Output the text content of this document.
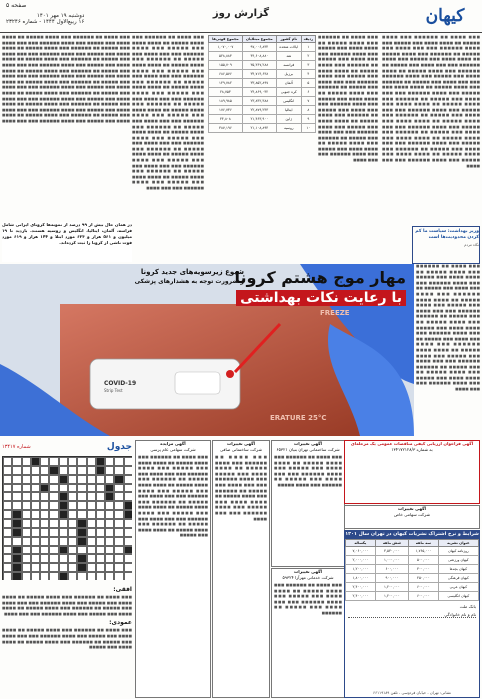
کیهان
گزارش روز
صفحه ۵
دوشنبه ۱۹ مهر ۱۴۰۱
۱۶ ربیع‌الاول ۱۴۴۴ - شماره ۲۳۲۴۶
■■■ ■■■■ ■■ ■■■■■■ ■■■ ■■■■ ■■■■■ ■■ ■■■■ ■■■■ ■■■ ■■■■■ ■■■ ■■■■ ■■■■■■ ■■■ ■■■ ■■■■ ■■■ ■■■■■ ■■ ■■■■■■ ■■■ ■■■■ ■■■■■ ■■ ■■■■ ■■■■ ■■■ ■■■■■ ■■■ ■■■■ ■■■■■■ ■■■ ■■■ ■■■■ ■■■ ■■■■■ ■■ ■■■■■■ ■■■ ■■■■ ■■■■■ ■■ ■■■■ ■■■■ ■■■ ■■■■■ ■■■ ■■■■ ■■■■■■ ■■■ ■■■ ■■■■ ■■■ ■■■■■ ■■ ■■■■■■ ■■■ ■■■■ ■■■■■ ■■ ■■■■ ■■■■ ■■■ ■■■■■ ■■■ ■■■■ ■■■■■■ ■■■ ■■■ ■■■■ ■■■ ■■■■■ ■■ ■■■■■■ ■■■ ■■■■ ■■■■■ ■■ ■■■■ ■■■■ ■■■ ■■■■■ ■■■ ■■■■ ■■■■■■ ■■■ ■■■ ■■■■ ■■■ ■■■■■ ■■ ■■■■■■ ■■■ ■■■■ ■■■■■ ■■ ■■■■ ■■■■ ■■■ ■■■■■ ■■■ ■■■■ ■■■■■■ ■■■ ■■■ ■■■■ ■■■ ■■■■■ ■■ ■■■■■■ ■■■ ■■■■ ■■■■■ ■■ ■■■■ ■■■■ ■■■ ■■■■■ ■■■ ■■■■ ■■■■■■ ■■■ ■■■ ■■■■ ■■■ ■■■■■ ■■ ■■■■■■ ■■■ ■■■■ ■■■■■ ■■ ■■■■ ■■■■ ■■■ ■■■■■ ■■■ ■■■■ ■■■■■■ ■■■ ■■■ ■■■■
■■■ ■■■■ ■■ ■■■■■■ ■■■ ■■■■ ■■■■■ ■■ ■■■■ ■■■■ ■■■ ■■■■■ ■■■ ■■■■ ■■■■■■ ■■■ ■■■ ■■■■ ■■■ ■■■■■ ■■ ■■■■■■ ■■■ ■■■■ ■■■■■ ■■ ■■■■ ■■■■ ■■■ ■■■■■ ■■■ ■■■■ ■■■■■■ ■■■ ■■■ ■■■■ ■■■ ■■■■■ ■■ ■■■■■■ ■■■ ■■■■ ■■■■■ ■■ ■■■■ ■■■■ ■■■ ■■■■■ ■■■ ■■■■ ■■■■■■ ■■■ ■■■ ■■■■ ■■■ ■■■■■ ■■ ■■■■■■ ■■■ ■■■■ ■■■■■ ■■ ■■■■ ■■■■ ■■■ ■■■■■ ■■■ ■■■■ ■■■■■■ ■■■ ■■■ ■■■■ ■■■ ■■■■■ ■■ ■■■■■■ ■■■ ■■■■ ■■■■■ ■■ ■■■■ ■■■■ ■■■ ■■■■■ ■■■ ■■■■ ■■■■■■ ■■■ ■■■ ■■■■
ردیف	نام کشور	مجموع مبتلایان	مجموع فوتی‌ها
۱	ایالات متحده	۹۷,۰۰۶,۸۳۴	۱,۰۷۰,۰۰۷
۲	هند	۴۴,۶۰۸,۸۸۰	۵۲۸,۸۸۳
۳	فرانسه	۳۵,۳۶۷,۲۸۸	۱۵۵,۷۰۹
۴	برزیل	۳۴,۷۱۴,۶۳۸	۶۸۶,۵۷۶
۵	آلمان	۳۳,۸۵۲,۸۹۷	۱۴۹,۷۸۲
۶	کره جنوبی	۲۴,۸۶۹,۰۴۲	۲۸,۷۵۳
۷	انگلیس	۲۳,۸۴۲,۳۸۸	۱۸۹,۹۸۵
۸	ایتالیا	۲۲,۸۷۹,۲۴۳	۱۷۶,۷۳۶
۹	ژاپن	۲۱,۴۶۳,۹۰۰	۴۴,۸۰۸
۱۰	روسیه	۲۱,۱۰۸,۸۹۴	۳۸۷,۱۹۶
■■■ ■■■■ ■■ ■■■■■■ ■■■ ■■■■ ■■■■■ ■■ ■■■■ ■■■■ ■■■ ■■■■■ ■■■ ■■■■ ■■■■■■ ■■■ ■■■ ■■■■ ■■■ ■■■■■ ■■ ■■■■■■ ■■■ ■■■■ ■■■■■ ■■ ■■■■ ■■■■ ■■■ ■■■■■ ■■■ ■■■■ ■■■■■■ ■■■ ■■■ ■■■■ ■■■ ■■■■■ ■■ ■■■■■■ ■■■ ■■■■ ■■■■■ ■■ ■■■■ ■■■■ ■■■ ■■■■■ ■■■ ■■■■ ■■■■■■ ■■■ ■■■ ■■■■ ■■■ ■■■■■ ■■ ■■■■■■ ■■■ ■■■■ ■■■■■ ■■ ■■■■ ■■■■ ■■■ ■■■■■ ■■■ ■■■■ ■■■■■■ ■■■ ■■■ ■■■■ ■■■ ■■■■■ ■■ ■■■■■■ ■■■ ■■■■ ■■■■■ ■■ ■■■■ ■■■■ ■■■ ■■■■■ ■■■ ■■■■ ■■■■■■ ■■■ ■■■ ■■■■ ■■■ ■■■■■ ■■ ■■■■■■ ■■■ ■■■■ ■■■■■ ■■ ■■■■ ■■■■ ■■■ ■■■■■ ■■■ ■■■■ ■■■■■■ ■■■ ■■■ ■■■■ ■■■ ■■■■■ ■■ ■■■■■■ ■■■ ■■■■ ■■■■■ ■■ ■■■■ ■■■■ ■■■ ■■■■■ ■■■ ■■■■ ■■■■■■ ■■■ ■■■ ■■■■
■■■ ■■■■ ■■ ■■■■■■ ■■■ ■■■■ ■■■■■ ■■ ■■■■ ■■■■ ■■■ ■■■■■ ■■■ ■■■■ ■■■■■■ ■■■ ■■■ ■■■■ ■■■ ■■■■■ ■■ ■■■■■■ ■■■ ■■■■ ■■■■■ ■■ ■■■■ ■■■■ ■■■ ■■■■■ ■■■ ■■■■ ■■■■■■ ■■■ ■■■ ■■■■ ■■■ ■■■■■ ■■ ■■■■■■ ■■■ ■■■■ ■■■■■ ■■ ■■■■ ■■■■ ■■■ ■■■■■ ■■■ ■■■■ ■■■■■■ ■■■ ■■■ ■■■■ ■■■ ■■■■■ ■■ ■■■■■■ ■■■ ■■■■ ■■■■■ ■■ ■■■■ ■■■■ ■■■ ■■■■■ ■■■ ■■■■ ■■■■■■ ■■■ ■■■ ■■■■ ■■■ ■■■■■ ■■ ■■■■■■ ■■■ ■■■■ ■■■■■ ■■ ■■■■ ■■■■ ■■■ ■■■■■ ■■■ ■■■■ ■■■■■■ ■■■ ■■■ ■■■■ ■■■ ■■■■■ ■■ ■■■■■■ ■■■ ■■■■ ■■■■■ ■■ ■■■■ ■■■■ ■■■ ■■■■■ ■■■ ■■■■ ■■■■■■ ■■■ ■■■ ■■■■ ■■■ ■■■■■ ■■ ■■■■■■ ■■■ ■■■■ ■■■■■ ■■ ■■■■ ■■■■ ■■■ ■■■■■ ■■■ ■■■■ ■■■■■■ ■■■ ■■■ ■■■■ ■■■ ■■■■■ ■■ ■■■■■■ ■■■ ■■■■ ■■■■■ ■■ ■■■■ ■■■■ ■■■ ■■■■■ ■■■ ■■■■ ■■■■■■ ■■■ ■■■ ■■■■
در همان حال بیش از ۹۹ درصد از نمونه‌ها کرونای ایرانی شامل فراسه، آلمان، ایتالیا، انگلیس و روسیه هستند. بازدید تا ۱۹ میلیون و ۵۶۱ هزار و ۶۲۳ مورد ابتلا و ۱۴۴ هزار و ۶۱۹ مورد فوت ناشی از کرونا را ثبت کرده‌اند.
وزیر بهداشت: سیاست ما کم کردن محدودیت‌ها است
نگاه مردم
COVID-19
Strip Test
FREEZE
ERATURE 25°C
شیوع زیرسویه‌های جدید کرونا
و ضرورت توجه به هشدارهای پزشکی
مهار موج هشتم کرونا
با رعایت نکات بهداشتی
■■■ ■■■■ ■■ ■■■■■■ ■■■ ■■■■ ■■■■■ ■■ ■■■■ ■■■■ ■■■ ■■■■■ ■■■ ■■■■ ■■■■■■ ■■■ ■■■ ■■■■ ■■■ ■■■■■ ■■ ■■■■■■ ■■■ ■■■■ ■■■■■ ■■ ■■■■ ■■■■ ■■■ ■■■■■ ■■■ ■■■■ ■■■■■■ ■■■ ■■■ ■■■■ ■■■ ■■■■■ ■■ ■■■■■■ ■■■ ■■■■ ■■■■■ ■■ ■■■■ ■■■■ ■■■ ■■■■■ ■■■ ■■■■ ■■■■■■ ■■■ ■■■ ■■■■ ■■■ ■■■■■ ■■ ■■■■■■ ■■■ ■■■■ ■■■■■ ■■ ■■■■ ■■■■ ■■■ ■■■■■ ■■■ ■■■■ ■■■■■■ ■■■ ■■■ ■■■■ ■■■ ■■■■■ ■■ ■■■■■■ ■■■ ■■■■ ■■■■■ ■■ ■■■■ ■■■■ ■■■ ■■■■■ ■■■ ■■■■ ■■■■■■ ■■■ ■■■ ■■■■
جدول
شماره ۱۳۴۱۷
افقی:
■■■ ■■■■ ■■ ■■■■■■ ■■■ ■■■■ ■■■■■ ■■ ■■■■ ■■■■ ■■■ ■■■■■ ■■■ ■■■■ ■■■■■■ ■■■ ■■■ ■■■■ ■■■ ■■■■■ ■■ ■■■■■■ ■■■ ■■■■ ■■■■■ ■■ ■■■■ ■■■■ ■■■ ■■■■■ ■■■ ■■■■ ■■■■■■ ■■■ ■■■ ■■■■
عمودی:
■■■ ■■■■ ■■ ■■■■■■ ■■■ ■■■■ ■■■■■ ■■ ■■■■ ■■■■ ■■■ ■■■■■ ■■■ ■■■■ ■■■■■■ ■■■ ■■■ ■■■■ ■■■ ■■■■■ ■■ ■■■■■■ ■■■ ■■■■ ■■■■■ ■■ ■■■■ ■■■■ ■■■ ■■■■■
آگهی مزایده
شرکت سهامی عام پرسی
■■■ ■■■■ ■■ ■■■■■■ ■■■ ■■■■ ■■■■■ ■■ ■■■■ ■■■■ ■■■ ■■■■■ ■■■ ■■■■ ■■■■■■ ■■■ ■■■ ■■■■ ■■■ ■■■■■ ■■ ■■■■■■ ■■■ ■■■■ ■■■■■ ■■ ■■■■ ■■■■ ■■■ ■■■■■ ■■■ ■■■■ ■■■■■■ ■■■ ■■■ ■■■■ ■■■ ■■■■■ ■■ ■■■■■■ ■■■ ■■■■ ■■■■■ ■■ ■■■■ ■■■■ ■■■ ■■■■■ ■■■ ■■■■ ■■■■■■ ■■■ ■■■ ■■■■ ■■■ ■■■■■ ■■ ■■■■■■ ■■■ ■■■■ ■■■■■ ■■ ■■■■ ■■■■ ■■■ ■■■■■
آگهی تغییرات
شرکت ساختمانی صافی
■■■ ■■■■ ■■ ■■■■■■ ■■■ ■■■■ ■■■■■ ■■ ■■■■ ■■■■ ■■■ ■■■■■ ■■■ ■■■■ ■■■■■■ ■■■ ■■■ ■■■■ ■■■ ■■■■■ ■■ ■■■■■■ ■■■ ■■■■ ■■■■■ ■■ ■■■■ ■■■■ ■■■ ■■■■■ ■■■ ■■■■ ■■■■■■ ■■■ ■■■ ■■■■
آگهی تغییرات
شرکت ساختمانی تهران بنیان ۶۵۳۲۱
■■■ ■■■■ ■■ ■■■■■■ ■■■ ■■■■ ■■■■■ ■■ ■■■■ ■■■■ ■■■ ■■■■■ ■■■ ■■■■ ■■■■■■ ■■■ ■■■ ■■■■ ■■■ ■■■■■ ■■ ■■■■■■ ■■■ ■■■■ ■■■■■
آگهی تغییرات
شرکت خدماتی مهرآرا ۵۹۳۲۴
■■■ ■■■■ ■■ ■■■■■■ ■■■ ■■■■ ■■■■■ ■■ ■■■■ ■■■■ ■■■ ■■■■■ ■■■ ■■■■ ■■■■■■ ■■■ ■■■ ■■■■ ■■■ ■■■■■ ■■ ■■■■■■
آگهی فراخوان ارزیابی کیفی مناقصات عمومی یک مرحله‌ای
به شماره ۱۳۴۱۷۲۱۲۸/۳
آگهی تغییرات
شرکت سهامی خاص
شرایط و نرخ اشتراک نشریات کیهان در تهران سال ۱۴۰۱
عنوان نشریه	سه ماهه	شش ماهه	یکساله
روزنامه کیهان	۱,۷۶۵,۰۰۰	۳,۵۳۰,۰۰۰	۷,۰۶۰,۰۰۰
کیهان ورزشی	۵۰۰,۰۰۰	۱,۰۰۰,۰۰۰	۲,۰۰۰,۰۰۰
کیهان بچه‌ها	۳۰۰,۰۰۰	۶۰۰,۰۰۰	۱,۲۰۰,۰۰۰
کیهان فرهنگی	۴۵۰,۰۰۰	۹۰۰,۰۰۰	۱,۸۰۰,۰۰۰
کیهان عربی	۶۰۰,۰۰۰	۱,۲۰۰,۰۰۰	۲,۴۰۰,۰۰۰
کیهان انگلیسی	۶۰۰,۰۰۰	۱,۲۰۰,۰۰۰	۲,۴۰۰,۰۰۰
بانک ملت
نام و نام خانوادگی
نشانی: تهران - خیابان فردوسی - تلفن ۶۶۱۱۹۱۸۹
